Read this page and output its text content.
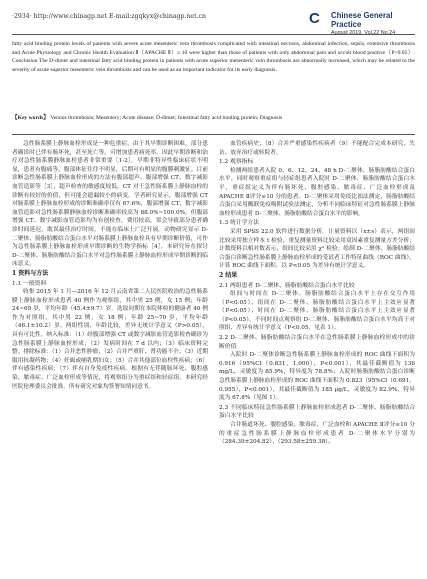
·2934· http://www.chinagp.net E-mail:zgqkyx@chinagp.net.cn	C	Chinese General Practice
August 2019, Vol.22 No.24
fatty acid binding protein levels of patients with severe acute mesenteric vein thrombosis complicated with intestinal necrosis, abdominal infection, sepsis, extensive thrombosis and Acute Physiology and Chronic Health Evaluation Ⅱ（APACHE Ⅱ）≥ 10 were higher than those of patients with only abdominal pain and occult blood positive（P<0.05）. Conclusion The D-dimer and intestinal fatty acid binding protein in patients with acute superior mesenteric vein thrombosis are abnormally increased, which may be related to the severity of acute superior mesenteric vein thrombosis and can be used as an important indicator for its early diagnosis.
【Key words】 Venous thrombosis; Mesentery; Acute disease; D-dimer; Intestinal fatty acid binding protein; Diagnosis

急性肠系膜上静脉血栓形成是一种危重症，由于其早期诊断困难，部分患者确诊时已伴有肠坏死，甚至死亡等，可增加患者病死率。因此早期诊断和治疗对急性肠系膜静脉血栓患者非常重要［1-2］。早期非特异性临床症状不明显，患者有腹痛等，腹部体征往往不明显，后期可有明显的腹膜刺激征。目前诊断急性肠系膜上静脉血栓形成的方法有腹部超声、腹部增强 CT、数字减影血管造影等［3］，超声检查的敏感度较低，CT 对于急性肠系膜上静脉血栓的诊断有较好的价值，但可能会遗漏较小的病变。学者研究显示，腹部增强 CT 对肠系膜上静脉血栓形成的诊断准确率仅有 67.6%，腹部增强 CT、数字减影血管造影对急性肠系膜静脉血栓诊断准确率较高为 88.0%~100.0%。但腹部增强 CT、数字减影血管造影均为有创检查，费用较高，常会导致部分患者确诊时间延迟，耽误最佳治疗时间。不能在临床上广泛开展。动物研究显示 D-二聚体、肠脂肪酸结合蛋白水平对肠系膜上静脉血栓具有早期诊断价值，可作为急性肠系膜上静脉血栓形成早期诊断的生物学指标［4］。本研究旨在探讨 D-二聚体、肠脂肪酸结合蛋白水平对急性肠系膜上静脉血栓形成早期诊断的临床意义。

1 资料与方法
1.1 一般资料

收集 2015 年 1 月—2016 年 12 月云南省第二人民医院收治的急性肠系膜上静脉血栓形成患者 40 例作为观察组，其中男 25 例，女 15 例；年龄 24~69 岁，平均年龄（45.4±9.7）岁。选取同期在本院体检的健康者 40 例作为对照组，其中男 22 例，女 18 例；年龄 25~70 岁，平均年龄（46.1±10.2）岁。两组性别、年龄比较，差异无统计学意义（P>0.05），具有可比性。纳入标准：（1）经腹部增强 CT 或数字减影血管造影检查确诊为急性肠系膜上静脉血栓形成；（2）发病时间在 7 d 以内；（3）临床资料完整。排除标准：（1）合并恶性肿瘤；（2）合并严重肝、肾功能不全；（3）近期服用抗凝药物；（4）妊娠或哺乳期妇女；（5）合并其他部位血栓性疾病；（6）伴有感染性疾病；（7）伴有自身免疫性疾病。根据有无伴随肠坏死、腹腔感染、脓毒症、广泛血栓形成等情况，将观察组分为重症组和轻症组。本研究经医院伦理委员会批准，所有研究对象均签署知情同意书。

血管疾病史；（8）合并严重感染性疾病者（9）不能配合完成本研究、失访、放弃治疗或转院者。

1.2 观察指标

检测两组患者入院 0、6、12、24、48 h D-二聚体、肠脂肪酸结合蛋白水平。同时观察重症组与轻症组患者入院时 D-二聚体、肠脂肪酸结合蛋白水平，重症组定义为伴有肠坏死、腹腔感染、脓毒症、广泛血栓形成及 APACHE Ⅱ评分≥10 分的患者。D-二聚体采用免疫比浊法测定，肠脂肪酸结合蛋白采用酶联免疫吸附试验法测定，分析不同临床特征对急性肠系膜上静脉血栓形成患者 D-二聚体、肠脂肪酸结合蛋白水平的影响。

1.3 统计学方法

采用 SPSS 22.0 软件进行数据分析。计量资料以（x±s）表示，两组间比较采用独立样本 t 检验，重复测量资料比较采用双因素重复测量方差分析；计数资料以相对数表示，组间比较采用 χ² 检验；绘制 D-二聚体、肠脂肪酸结合蛋白诊断急性肠系膜上静脉血栓形成的受试者工作特征曲线（ROC 曲线），计算 ROC 曲线下面积。以 P<0.05 为差异有统计学意义。

2 结果
2.1 两组患者 D-二聚体、肠脂肪酸结合蛋白水平比较

组间与时间在 D-二聚体、肠脂肪酸结合蛋白水平上存在交互作用（P<0.05）；组间在 D-二聚体、肠脂肪酸结合蛋白水平上主效应显著（P<0.05）；时间在 D-二聚体、肠脂肪酸结合蛋白水平上主效应显著（P<0.05）。不同时间点观察组 D-二聚体、肠脂肪酸结合蛋白水平均高于对照组，差异有统计学意义（P<0.05，见表 1）。

2.2 D-二聚体、肠脂肪酸结合蛋白水平在急性肠系膜上静脉血栓形成中的诊断价值

入院时 D-二聚体诊断急性肠系膜上静脉血栓形成的 ROC 曲线下面积为 0.916（95%CI（0.831，1.000），P<0.001），其最佳截断值为 136 mg/L，灵敏度为 85.9%，特异度为 78.8%；入院时肠脂肪酸结合蛋白诊断急性肠系膜上静脉血栓形成的 ROC 曲线下面积为 0.823（95%CI（0.691，0.955），P<0.001），其最佳截断值为 185 μg/L，灵敏度为 82.9%，特异度为 67.8%（见图 1）。

2.3 不同临床特征急性肠系膜上静脉血栓形成患者 D-二聚体、肠脂肪酸结合蛋白水平比较

合并肠道坏死、腹腔感染、脓毒症、广泛血栓和 APACHE Ⅱ评分≥10 分的重症急性肠系膜上静脉血栓形成患者 D-二聚体水平分别为（284.39±204.82）、（293.58±259.38）、
